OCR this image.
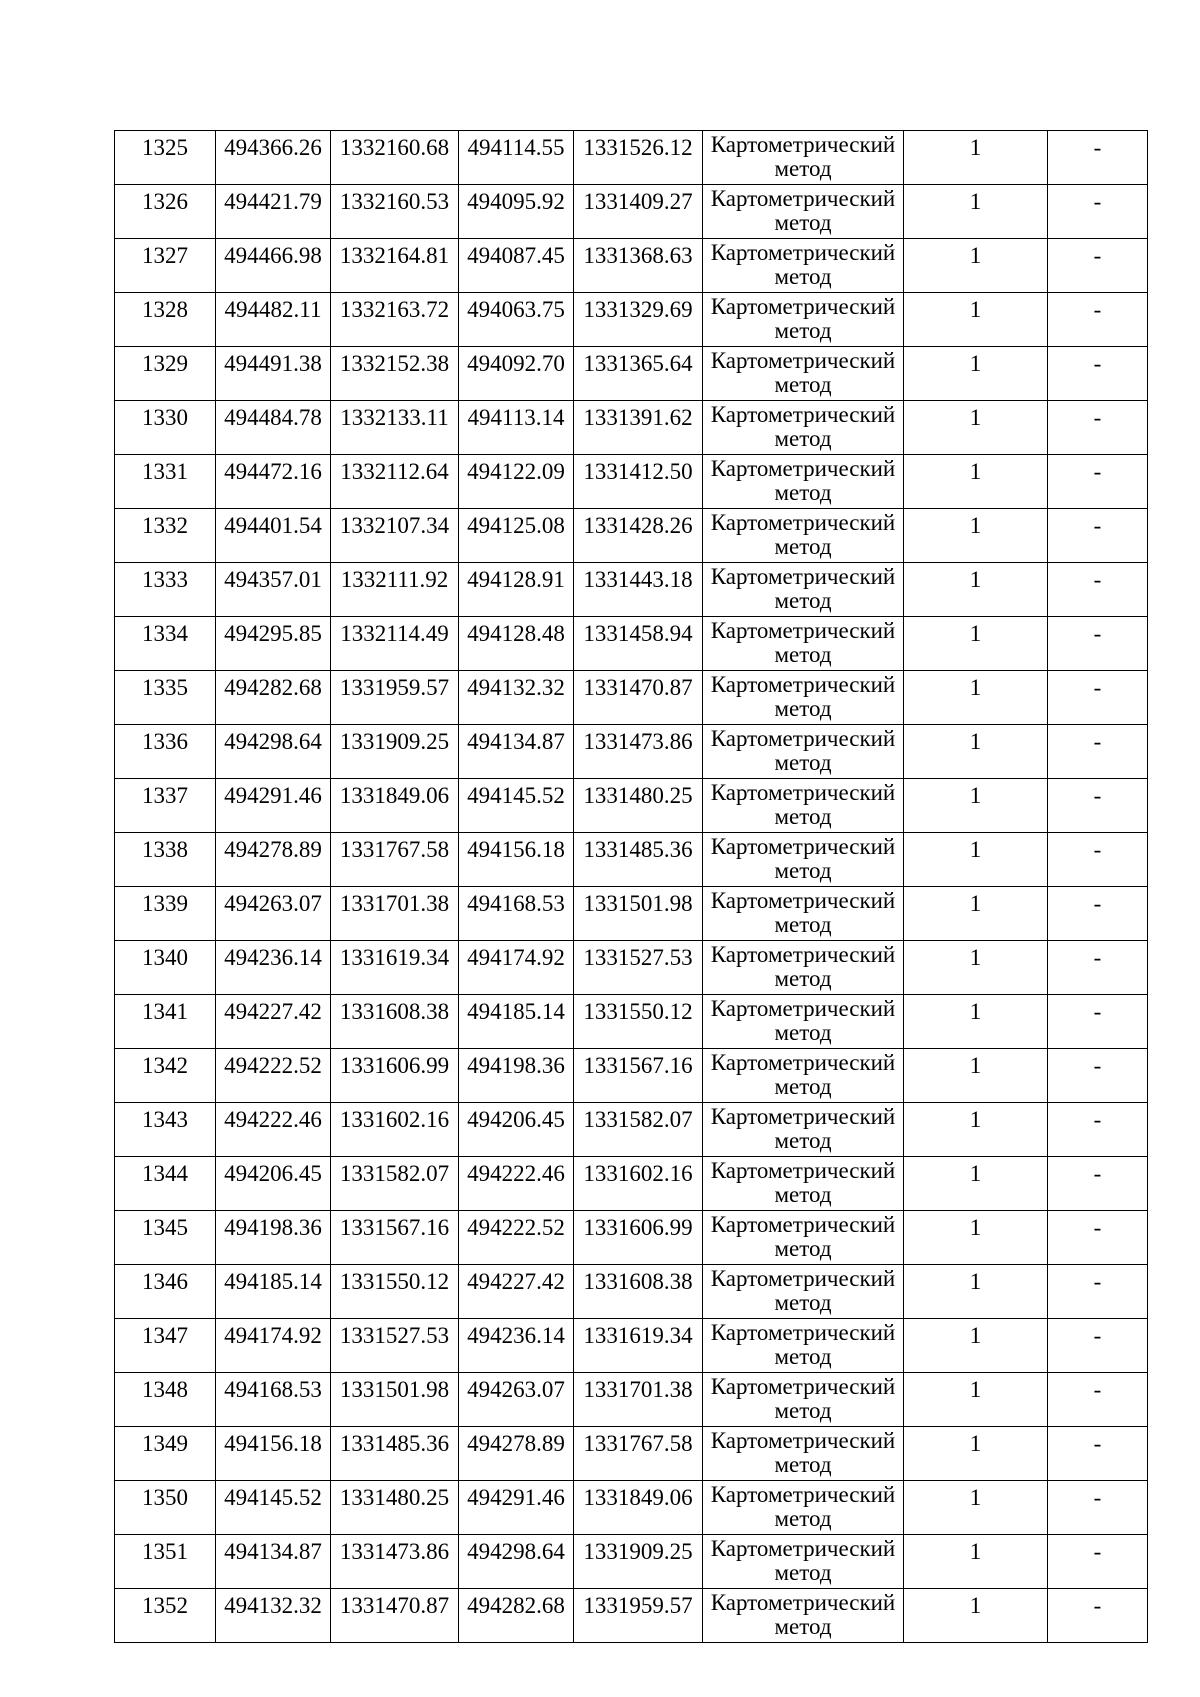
1325	494366.26	1332160.68	494114.55	1331526.12	Картометрический
метод	1	-
1326	494421.79	1332160.53	494095.92	1331409.27	Картометрический
метод	1	-
1327	494466.98	1332164.81	494087.45	1331368.63	Картометрический
метод	1	-
1328	494482.11	1332163.72	494063.75	1331329.69	Картометрический
метод	1	-
1329	494491.38	1332152.38	494092.70	1331365.64	Картометрический
метод	1	-
1330	494484.78	1332133.11	494113.14	1331391.62	Картометрический
метод	1	-
1331	494472.16	1332112.64	494122.09	1331412.50	Картометрический
метод	1	-
1332	494401.54	1332107.34	494125.08	1331428.26	Картометрический
метод	1	-
1333	494357.01	1332111.92	494128.91	1331443.18	Картометрический
метод	1	-
1334	494295.85	1332114.49	494128.48	1331458.94	Картометрический
метод	1	-
1335	494282.68	1331959.57	494132.32	1331470.87	Картометрический
метод	1	-
1336	494298.64	1331909.25	494134.87	1331473.86	Картометрический
метод	1	-
1337	494291.46	1331849.06	494145.52	1331480.25	Картометрический
метод	1	-
1338	494278.89	1331767.58	494156.18	1331485.36	Картометрический
метод	1	-
1339	494263.07	1331701.38	494168.53	1331501.98	Картометрический
метод	1	-
1340	494236.14	1331619.34	494174.92	1331527.53	Картометрический
метод	1	-
1341	494227.42	1331608.38	494185.14	1331550.12	Картометрический
метод	1	-
1342	494222.52	1331606.99	494198.36	1331567.16	Картометрический
метод	1	-
1343	494222.46	1331602.16	494206.45	1331582.07	Картометрический
метод	1	-
1344	494206.45	1331582.07	494222.46	1331602.16	Картометрический
метод	1	-
1345	494198.36	1331567.16	494222.52	1331606.99	Картометрический
метод	1	-
1346	494185.14	1331550.12	494227.42	1331608.38	Картометрический
метод	1	-
1347	494174.92	1331527.53	494236.14	1331619.34	Картометрический
метод	1	-
1348	494168.53	1331501.98	494263.07	1331701.38	Картометрический
метод	1	-
1349	494156.18	1331485.36	494278.89	1331767.58	Картометрический
метод	1	-
1350	494145.52	1331480.25	494291.46	1331849.06	Картометрический
метод	1	-
1351	494134.87	1331473.86	494298.64	1331909.25	Картометрический
метод	1	-
1352	494132.32	1331470.87	494282.68	1331959.57	Картометрический
метод	1	-
